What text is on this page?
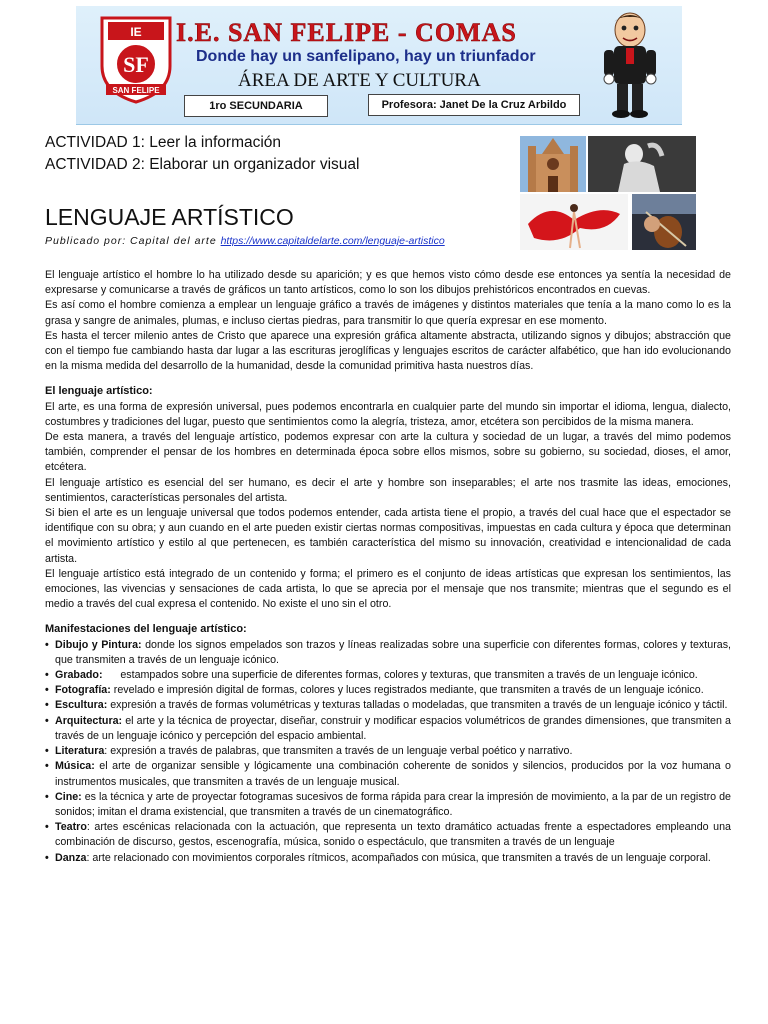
IE
SF
SAN FELIPE
I.E. SAN FELIPE - COMAS
Donde hay un sanfelipano, hay un triunfador
ÁREA DE ARTE Y CULTURA
1ro SECUNDARIA	Profesora: Janet De la Cruz Arbildo
ACTIVIDAD 1: Leer la información
ACTIVIDAD 2: Elaborar un organizador visual
LENGUAJE ARTÍSTICO
Publicado por: Capital del arte https://www.capitaldelarte.com/lenguaje-artistico

El lenguaje artístico el hombre lo ha utilizado desde su aparición; y es que hemos visto cómo desde ese entonces ya sentía la necesidad de expresarse y comunicarse a través de gráficos un tanto artísticos, como lo son los dibujos prehistóricos encontrados en cuevas.

Es así como el hombre comienza a emplear un lenguaje gráfico a través de imágenes y distintos materiales que tenía a la mano como lo es la grasa y sangre de animales, plumas, e incluso ciertas piedras, para transmitir lo que quería expresar en ese momento.

Es hasta el tercer milenio antes de Cristo que aparece una expresión gráfica altamente abstracta, utilizando signos y dibujos; abstracción que con el tiempo fue cambiando hasta dar lugar a las escrituras jeroglíficas y lenguajes escritos de carácter alfabético, que han ido evolucionando en la misma medida del desarrollo de la humanidad, desde la comunidad primitiva hasta nuestros días.

El lenguaje artístico:

El arte, es una forma de expresión universal, pues podemos encontrarla en cualquier parte del mundo sin importar el idioma, lengua, dialecto, costumbres y tradiciones del lugar, puesto que sentimientos como la alegría, tristeza, amor, etcétera son percibidos de la misma manera.

De esta manera, a través del lenguaje artístico, podemos expresar con arte la cultura y sociedad de un lugar, a través del mimo podemos también, comprender el pensar de los hombres en determinada época sobre ellos mismos, sobre su gobierno, su sociedad, dioses, el amor, etcétera.

El lenguaje artístico es esencial del ser humano, es decir el arte y hombre son inseparables; el arte nos trasmite las ideas, emociones, sentimientos, características personales del artista.

Si bien el arte es un lenguaje universal que todos podemos entender, cada artista tiene el propio, a través del cual hace que el espectador se identifique con su obra; y aun cuando en el arte pueden existir ciertas normas compositivas, impuestas en cada cultura y época que determinan el movimiento artístico y estilo al que pertenecen, es también característica del mismo su innovación, creatividad e intencionalidad de cada artista.

El lenguaje artístico está integrado de un contenido y forma; el primero es el conjunto de ideas artísticas que expresan los sentimientos, las emociones, las vivencias y sensaciones de cada artista, lo que se aprecia por el mensaje que nos transmite; mientras que el segundo es el medio a través del cual expresa el contenido. No existe el uno sin el otro.

Manifestaciones del lenguaje artístico:
• Dibujo y Pintura: donde los signos empelados son trazos y líneas realizadas sobre una superficie con diferentes formas, colores y texturas, que transmiten a través de un lenguaje icónico.
• Grabado:      estampados sobre una superficie de diferentes formas, colores y texturas, que transmiten a través de un lenguaje icónico.
• Fotografía: revelado e impresión digital de formas, colores y luces registrados mediante, que transmiten a través de un lenguaje icónico.
• Escultura: expresión a través de formas volumétricas y texturas talladas o modeladas, que transmiten a través de un lenguaje icónico y táctil.
• Arquitectura: el arte y la técnica de proyectar, diseñar, construir y modificar espacios volumétricos de grandes dimensiones, que transmiten a través de un lenguaje icónico y percepción del espacio ambiental.
• Literatura: expresión a través de palabras, que transmiten a través de un lenguaje verbal poético y narrativo.
• Música: el arte de organizar sensible y lógicamente una combinación coherente de sonidos y silencios, producidos por la voz humana o instrumentos musicales, que transmiten a través de un lenguaje musical.
• Cine: es la técnica y arte de proyectar fotogramas sucesivos de forma rápida para crear la impresión de movimiento, a la par de un registro de sonidos; imitan el drama existencial, que transmiten a través de un cinematográfico.
• Teatro: artes escénicas relacionada con la actuación, que representa un texto dramático actuadas frente a espectadores empleando una combinación de discurso, gestos, escenografía, música, sonido o espectáculo, que transmiten a través de un lenguaje
• Danza: arte relacionado con movimientos corporales rítmicos, acompañados con música, que transmiten a través de un lenguaje corporal.
